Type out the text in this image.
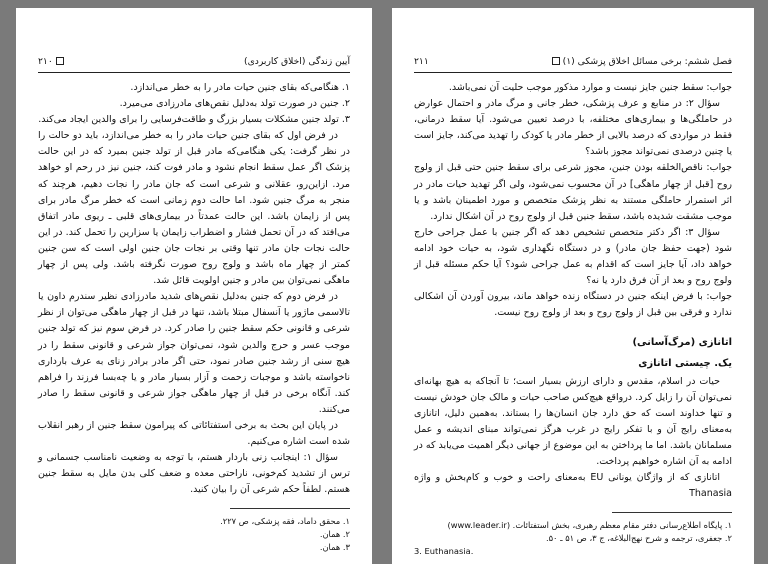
آیین زندگی (اخلاق کاربردی)
۲۱۰

۱. هنگامی‌که بقای جنین حیات مادر را به خطر می‌اندازد.

۲. جنین در صورت تولد به‌دلیل نقص‌های مادرزادی می‌میرد.

۳. تولد جنین مشکلات بسیار بزرگ و طاقت‌فرسایی را برای والدین ایجاد می‌کند.

در فرض اول که بقای جنین حیات مادر را به خطر می‌اندازد، باید دو حالت را در نظر گرفت: یکی هنگامی‌که مادر قبل از تولد جنین بمیرد که در این حالت پزشک اگر عمل سقط انجام نشود و مادر فوت کند، جنین نیز در رحم او خواهد مرد. ازاین‌رو، عقلانی و شرعی است که جان مادر را نجات دهیم، هرچند که منجر به مرگ جنین شود. اما حالت دوم زمانی است که خطر مرگ مادر برای پس از زایمان باشد. این حالت عمدتاً در بیماری‌های قلبی ـ ریوی مادر اتفاق می‌افتد که در آن تحمل فشار و اضطراب زایمان یا سزارین را تحمل کند. در این حالت نجات جان مادر تنها وقتی بر نجات جان جنین اولی است که سن جنین کمتر از چهار ماه باشد و ولوج روح صورت نگرفته باشد. ولی پس از چهار ماهگی نمی‌توان بین مادر و جنین اولویت قائل شد.

در فرض دوم که جنین به‌دلیل نقص‌های شدید مادرزادی نظیر سندرم داون یا تالاسمی ماژور یا آنسفال مبتلا باشد، تنها در قبل از چهار ماهگی می‌توان از نظر شرعی و قانونی حکم سقط جنین را صادر کرد. در فرض سوم نیز که تولد جنین موجب عسر و حرج والدین شود، نمی‌توان جواز شرعی و قانونی سقط را در هیچ سنی از رشد جنین صادر نمود، حتی اگر مادر برادر زنای به عرف بارداری ناخواسته باشد و موجبات زحمت و آزار بسیار مادر و یا چه‌بسا فرزند را فراهم کند. آنگاه برخی در قبل از چهار ماهگی جواز شرعی و قانونی سقط را صادر می‌کنند.

در پایان این بحث به برخی استفتائاتی که پیرامون سقط جنین از رهبر انقلاب شده است اشاره می‌کنیم.

سؤال ۱: اینجانب زنی باردار هستم، با توجه به وضعیت نامناسب جسمانی و ترس از تشدید کم‌خونی، ناراحتی معده و ضعف کلی بدن مایل به سقط جنین هستم. لطفاً حکم شرعی آن را بیان کنید.

۱. محقق داماد، فقه پزشکی، ص ۲۲۷.

۲. همان.

۳. همان.

فصل ششم: برخی مسائل اخلاق پزشکی (۱)
۲۱۱

جواب: سقط جنین جایز نیست و موارد مذکور موجب حلیت آن نمی‌باشد.

سؤال ۲: در منابع و عرف پزشکی، خطر جانی و مرگ مادر و احتمال عوارض در حاملگی‌ها و بیماری‌های مختلفه، با درصد تعیین می‌شود. آیا سقط درمانی، فقط در مواردی که درصد بالایی از خطر مادر یا کودک را تهدید می‌کند، جایز است یا چنین درصدی نمی‌تواند مجوز باشد؟

جواب: ناقص‌الخلقه بودن جنین، مجوز شرعی برای سقط جنین حتی قبل از ولوج روح [قبل از چهار ماهگی] در آن محسوب نمی‌شود، ولی اگر تهدید حیات مادر در اثر استمرار حاملگی مستند به نظر پزشک متخصص و مورد اطمینان باشد و یا موجب مشقت شدیده باشد، سقط جنین قبل از ولوج روح در آن اشکال ندارد.

سؤال ۳: اگر دکتر متخصص تشخیص دهد که اگر جنین با عمل جراحی خارج شود (جهت حفظ جان مادر) و در دستگاه نگهداری شود، به حیات خود ادامه خواهد داد، آیا جایز است که اقدام به عمل جراحی شود؟ آیا حکم مسئله قبل از ولوج روح و بعد از آن فرق دارد یا نه؟

جواب: با فرض اینکه جنین در دستگاه زنده خواهد ماند، بیرون آوردن آن اشکالی ندارد و فرقی بین قبل از ولوج روح و بعد از ولوج روح نیست.

اتانازی (مرگ‌آسانی)

یک. چیستی اتانازی

حیات در اسلام، مقدس و دارای ارزش بسیار است؛ تا آنجاکه به هیچ بهانه‌ای نمی‌توان آن را زایل کرد. درواقع هیچ‌کس صاحب حیات و مالک جان خودش نیست و تنها خداوند است که حق دارد جان انسان‌ها را بستاند. به‌همین دلیل، اتانازی به‌معنای رایج آن و با تفکر رایج در غرب هرگز نمی‌تواند مبنای اندیشه و عمل مسلمانان باشد. اما ما پرداختن به این موضوع از جهانی دیگر اهمیت می‌یابد که در ادامه به آن اشاره خواهیم پرداخت.

اتانازی که از واژگان یونانی EU به‌معنای راحت و خوب و کام‌بخش و واژه Thanasia

۱. پایگاه اطلاع‌رسانی دفتر مقام معظم رهبری، بخش استفتائات. (www.leader.ir)

۲. جعفری، ترجمه و شرح نهج‌البلاغه، ج ۳، ص ۵۱ ـ ۵۰.

3. Euthanasia.
